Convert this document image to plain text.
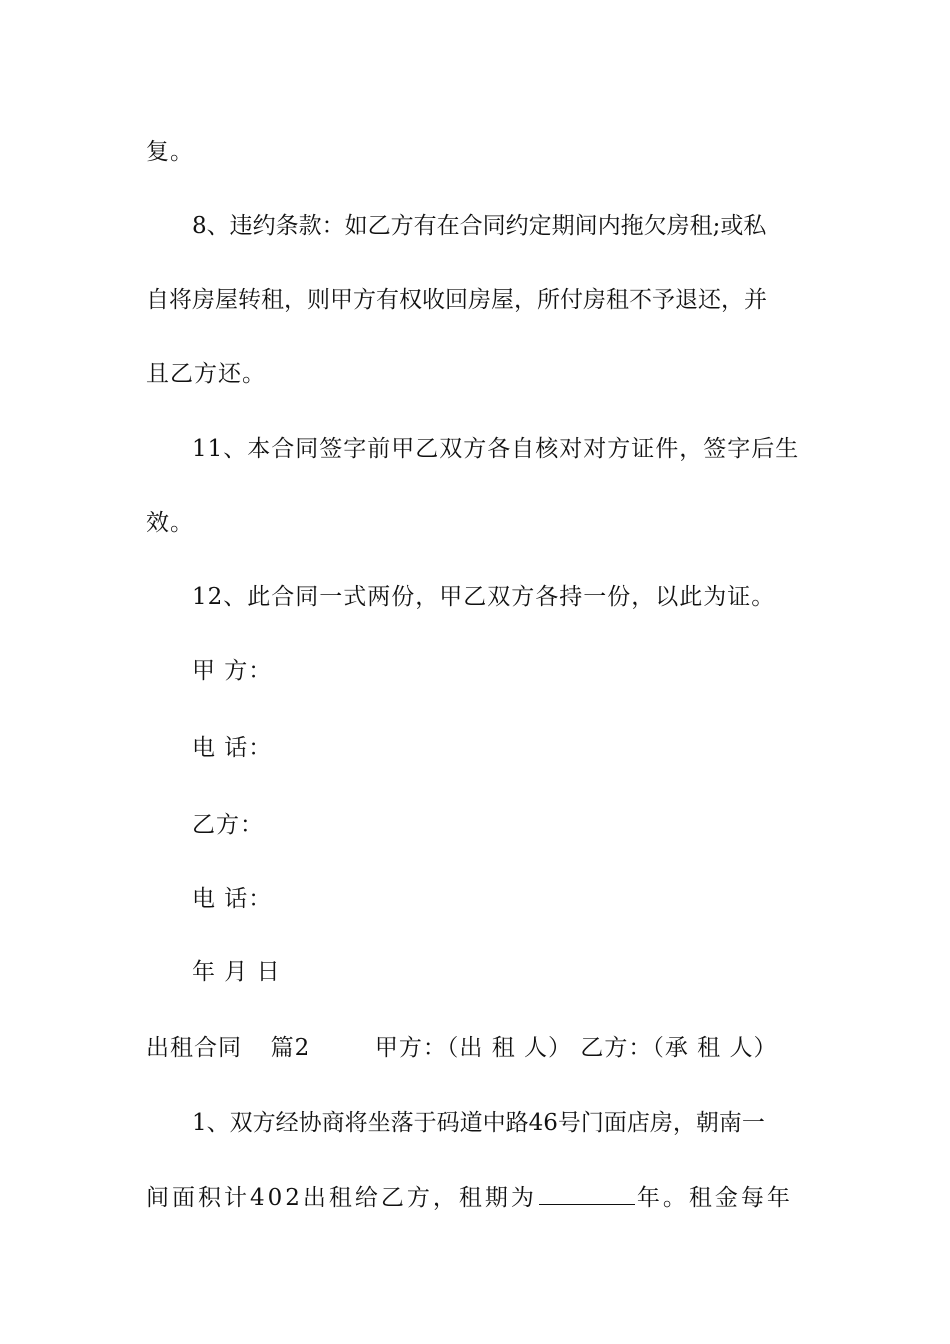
复。
8、违约条款：如乙方有在合同约定期间内拖欠房租;或私
自将房屋转租，则甲方有权收回房屋，所付房租不予退还，并
且乙方还。
11、本合同签字前甲乙双方各自核对对方证件，签字后生
效。
12、此合同一式两份，甲乙双方各持一份，以此为证。
甲 方：
电 话：
乙方：
电 话：
年 月 日
出租合同 篇2	甲方：（出 租 人） 乙方：（承 租 人）
1、双方经协商将坐落于码道中路46号门面店房，朝南一
间面积计402出租给乙方，租期为	年。租金每年
